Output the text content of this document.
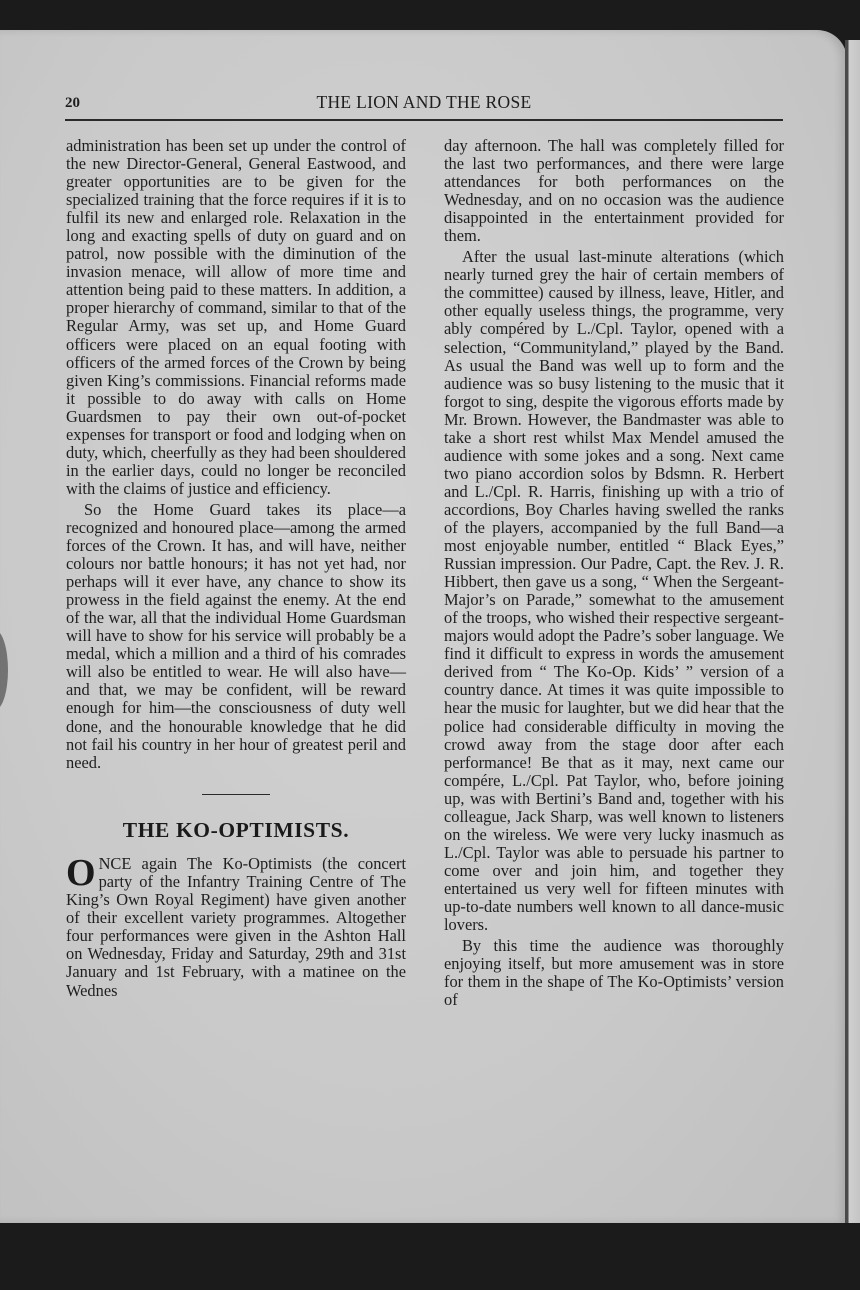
20	THE LION AND THE ROSE

administration has been set up under the control of the new Director-General, General Eastwood, and greater opportunities are to be given for the specialized training that the force requires if it is to fulfil its new and enlarged role. Relaxation in the long and exacting spells of duty on guard and on patrol, now possible with the diminution of the invasion menace, will allow of more time and attention being paid to these matters. In addition, a proper hierarchy of command, similar to that of the Regular Army, was set up, and Home Guard officers were placed on an equal footing with officers of the armed forces of the Crown by being given King’s commissions. Financial reforms made it possible to do away with calls on Home Guardsmen to pay their own out-of-pocket expenses for transport or food and lodging when on duty, which, cheerfully as they had been shouldered in the earlier days, could no longer be reconciled with the claims of justice and efficiency.

So the Home Guard takes its place—a recognized and honoured place—among the armed forces of the Crown. It has, and will have, neither colours nor battle honours; it has not yet had, nor perhaps will it ever have, any chance to show its prowess in the field against the enemy. At the end of the war, all that the individual Home Guardsman will have to show for his service will probably be a medal, which a million and a third of his comrades will also be entitled to wear. He will also have—and that, we may be confident, will be reward enough for him—the consciousness of duty well done, and the honourable knowledge that he did not fail his country in her hour of greatest peril and need.

THE KO-OPTIMISTS.

ONCE again The Ko-Optimists (the concert party of the Infantry Training Centre of The King’s Own Royal Regiment) have given another of their excellent variety programmes. Altogether four performances were given in the Ashton Hall on Wednesday, Friday and Saturday, 29th and 31st January and 1st February, with a matinee on the Wednes

day afternoon. The hall was completely filled for the last two performances, and there were large attendances for both performances on the Wednesday, and on no occasion was the audience disappointed in the entertainment provided for them.

After the usual last-minute alterations (which nearly turned grey the hair of certain members of the committee) caused by illness, leave, Hitler, and other equally useless things, the programme, very ably compéred by L./Cpl. Taylor, opened with a selection, “Communityland,” played by the Band. As usual the Band was well up to form and the audience was so busy listening to the music that it forgot to sing, despite the vigorous efforts made by Mr. Brown. However, the Bandmaster was able to take a short rest whilst Max Mendel amused the audience with some jokes and a song. Next came two piano accordion solos by Bdsmn. R. Herbert and L./Cpl. R. Harris, finishing up with a trio of accordions, Boy Charles having swelled the ranks of the players, accompanied by the full Band—a most enjoyable number, entitled “ Black Eyes,” Russian impression. Our Padre, Capt. the Rev. J. R. Hibbert, then gave us a song, “ When the Sergeant-Major’s on Parade,” somewhat to the amusement of the troops, who wished their respective sergeant-majors would adopt the Padre’s sober language. We find it difficult to express in words the amusement derived from “ The Ko-Op. Kids’ ” version of a country dance. At times it was quite impossible to hear the music for laughter, but we did hear that the police had considerable difficulty in moving the crowd away from the stage door after each performance! Be that as it may, next came our compére, L./Cpl. Pat Taylor, who, before joining up, was with Bertini’s Band and, together with his colleague, Jack Sharp, was well known to listeners on the wireless. We were very lucky inasmuch as L./Cpl. Taylor was able to persuade his partner to come over and join him, and together they entertained us very well for fifteen minutes with up-to-date numbers well known to all dance-music lovers.

By this time the audience was thoroughly enjoying itself, but more amusement was in store for them in the shape of The Ko-Optimists’ version of
